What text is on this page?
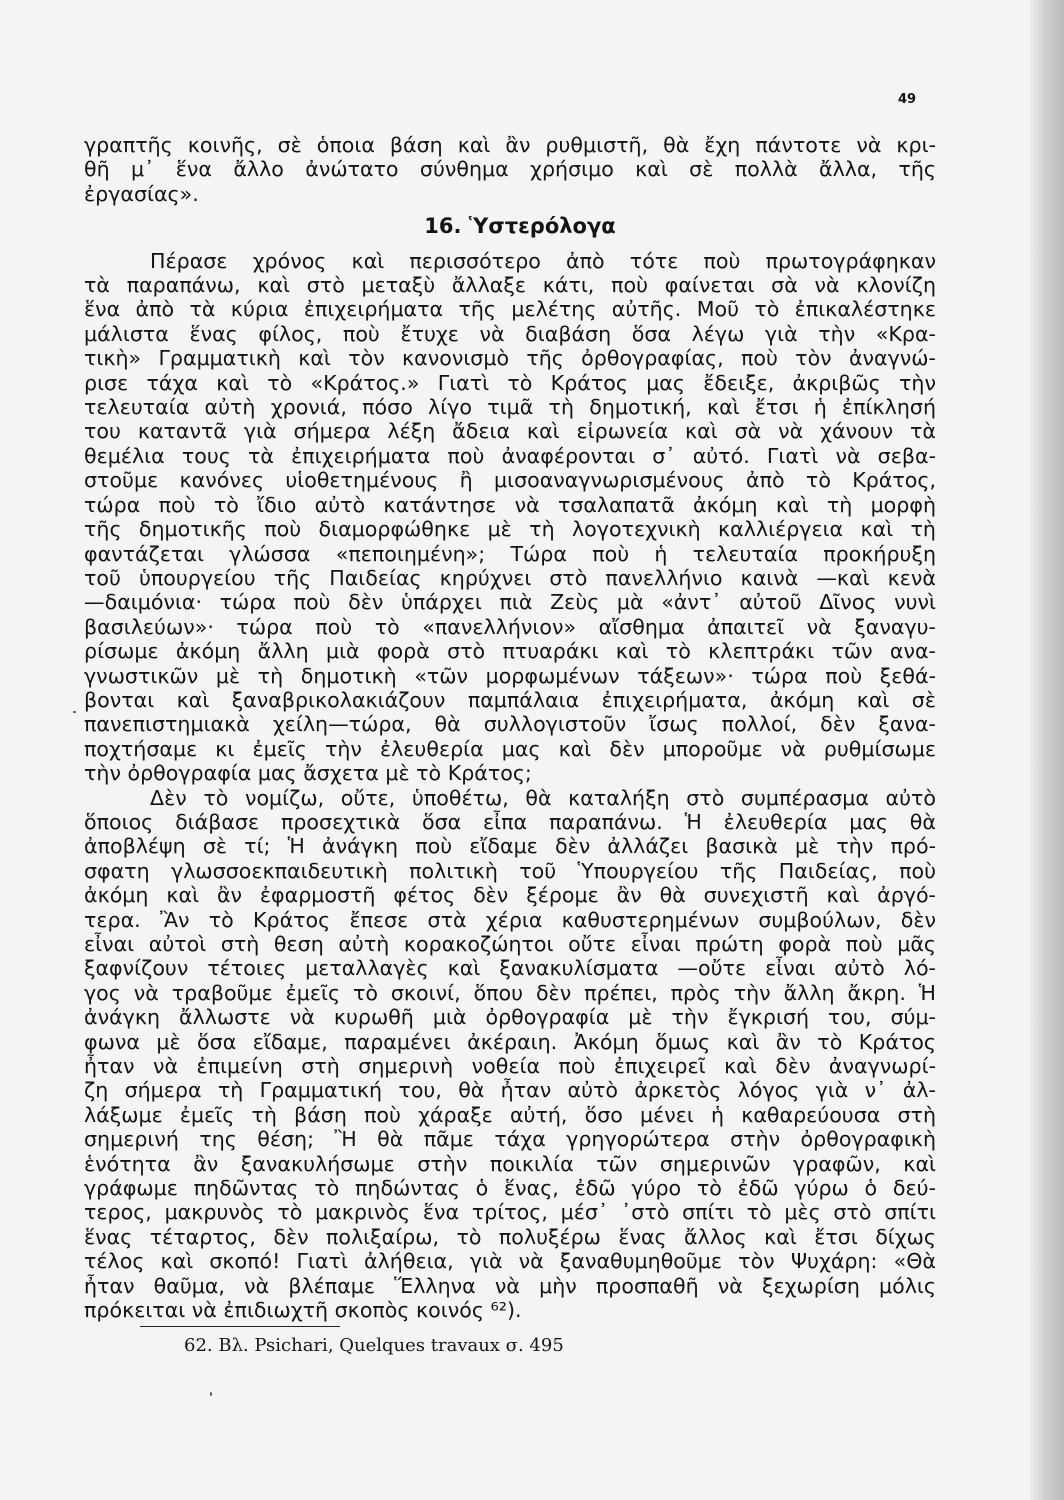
49

γραπτῆς κοινῆς, σὲ ὁποια βάση καὶ ἂν ρυθμιστῆ, θὰ ἔχη πάντοτε νὰ κρι-
θῆ μ᾽ ἕνα ἄλλο ἀνώτατο σύνθημα χρήσιμο καὶ σὲ πολλὰ ἄλλα, τῆς
ἐργασίας».
16. Ὑστερόλογα
Πέρασε χρόνος καὶ περισσότερο ἀπὸ τότε ποὺ πρωτογράφηκαν
τὰ παραπάνω, καὶ στὸ μεταξὺ ἄλλαξε κάτι, ποὺ φαίνεται σὰ νὰ κλονίζη
ἕνα ἀπὸ τὰ κύρια ἐπιχειρήματα τῆς μελέτης αὐτῆς. Μοῦ τὸ ἐπικαλέστηκε
μάλιστα ἕνας φίλος, ποὺ ἔτυχε νὰ διαβάση ὅσα λέγω γιὰ τὴν «Κρα-
τικὴ» Γραμματικὴ καὶ τὸν κανονισμὸ τῆς ὀρθογραφίας, ποὺ τὸν ἀναγνώ-
ρισε τάχα καὶ τὸ «Κράτος.» Γιατὶ τὸ Κράτος μας ἔδειξε, ἀκριβῶς τὴν
τελευταία αὐτὴ χρονιά, πόσο λίγο τιμᾶ τὴ δημοτική, καὶ ἔτσι ἡ ἐπίκλησή
του καταντᾶ γιὰ σήμερα λέξη ἄδεια καὶ εἰρωνεία καὶ σὰ νὰ χάνουν τὰ
θεμέλια τους τὰ ἐπιχειρήματα ποὺ ἀναφέρονται σ᾽ αὐτό. Γιατὶ νὰ σεβα-
στοῦμε κανόνες υἱοθετημένους ἢ μισοαναγνωρισμένους ἀπὸ τὸ Κράτος,
τώρα ποὺ τὸ ἴδιο αὐτὸ κατάντησε νὰ τσαλαπατᾶ ἀκόμη καὶ τὴ μορφὴ
τῆς δημοτικῆς ποὺ διαμορφώθηκε μὲ τὴ λογοτεχνικὴ καλλιέργεια καὶ τὴ
φαντάζεται γλώσσα «πεποιημένη»; Τώρα ποὺ ἡ τελευταία προκήρυξη
τοῦ ὑπουργείου τῆς Παιδείας κηρύχνει στὸ πανελλήνιο καινὰ —καὶ κενὰ
—δαιμόνια· τώρα ποὺ δὲν ὑπάρχει πιὰ Ζεὺς μὰ «ἀντ᾽ αὐτοῦ Δῖνος νυνὶ
βασιλεύων»· τώρα ποὺ τὸ «πανελλήνιον» αἴσθημα ἀπαιτεῖ νὰ ξαναγυ-
ρίσωμε ἀκόμη ἄλλη μιὰ φορὰ στὸ πτυαράκι καὶ τὸ κλεπτράκι τῶν ανα-
γνωστικῶν μὲ τὴ δημοτικὴ «τῶν μορφωμένων τάξεων»· τώρα ποὺ ξεθά-
βονται καὶ ξαναβρικολακιάζουν παμπάλαια ἐπιχειρήματα, ἀκόμη καὶ σὲ
πανεπιστημιακὰ χείλη—τώρα, θὰ συλλογιστοῦν ἴσως πολλοί, δὲν ξανα-
ποχτήσαμε κι ἐμεῖς τὴν ἐλευθερία μας καὶ δὲν μποροῦμε νὰ ρυθμίσωμε
τὴν ὀρθογραφία μας ἄσχετα μὲ τὸ Κράτος;
Δὲν τὸ νομίζω, οὔτε, ὑποθέτω, θὰ καταλήξη στὸ συμπέρασμα αὐτὸ
ὅποιος διάβασε προσεχτικὰ ὅσα εἶπα παραπάνω. Ἡ ἐλευθερία μας θὰ
ἀποβλέψη σὲ τί; Ἡ ἀνάγκη ποὺ εἴδαμε δὲν ἀλλάζει βασικὰ μὲ τὴν πρό-
σφατη γλωσσοεκπαιδευτικὴ πολιτικὴ τοῦ Ὑπουργείου τῆς Παιδείας, ποὺ
ἀκόμη καὶ ἂν ἐφαρμοστῆ φέτος δὲν ξέρομε ἂν θὰ συνεχιστῆ καὶ ἀργό-
τερα. Ἂν τὸ Κράτος ἔπεσε στὰ χέρια καθυστερημένων συμβούλων, δὲν
εἶναι αὐτοὶ στὴ θεση αὐτὴ κορακοζώητοι οὔτε εἶναι πρώτη φορὰ ποὺ μᾶς
ξαφνίζουν τέτοιες μεταλλαγὲς καὶ ξανακυλίσματα —οὔτε εἶναι αὐτὸ λό-
γος νὰ τραβοῦμε ἐμεῖς τὸ σκοινί, ὅπου δὲν πρέπει, πρὸς τὴν ἄλλη ἄκρη. Ἡ
ἀνάγκη ἄλλωστε νὰ κυρωθῆ μιὰ ὀρθογραφία μὲ τὴν ἔγκρισή του, σύμ-
φωνα μὲ ὅσα εἴδαμε, παραμένει ἀκέραιη. Ἀκόμη ὅμως καὶ ἂν τὸ Κράτος
ἦταν νὰ ἐπιμείνη στὴ σημερινὴ νοθεία ποὺ ἐπιχειρεῖ καὶ δὲν ἀναγνωρί-
ζη σήμερα τὴ Γραμματική του, θὰ ἦταν αὐτὸ ἀρκετὸς λόγος γιὰ ν᾽ ἀλ-
λάξωμε ἐμεῖς τὴ βάση ποὺ χάραξε αὐτή, ὅσο μένει ἡ καθαρεύουσα στὴ
σημερινή της θέση; Ἢ θὰ πᾶμε τάχα γρηγορώτερα στὴν ὀρθογραφικὴ
ἑνότητα ἂν ξανακυλήσωμε στὴν ποικιλία τῶν σημερινῶν γραφῶν, καὶ
γράφωμε πηδῶντας τὸ πηδώντας ὁ ἕνας, ἐδῶ γύρο τὸ ἐδῶ γύρω ὁ δεύ-
τερος, μακρυνὸς τὸ μακρινὸς ἕνα τρίτος, μέσ᾽ ᾽στὸ σπίτι τὸ μὲς στὸ σπίτι
ἕνας τέταρτος, δὲν πολιξαίρω, τὸ πολυξέρω ἕνας ἄλλος καὶ ἔτσι δίχως
τέλος καὶ σκοπό! Γιατὶ ἀλήθεια, γιὰ νὰ ξαναθυμηθοῦμε τὸν Ψυχάρη: «Θὰ
ἦταν θαῦμα, νὰ βλέπαμε Ἕλληνα νὰ μὴν προσπαθῆ νὰ ξεχωρίση μόλις
πρόκειται νὰ ἐπιδιωχτῆ σκοπὸς κοινός ⁶²).

62. Βλ. Psichari, Quelques travaux σ. 495
